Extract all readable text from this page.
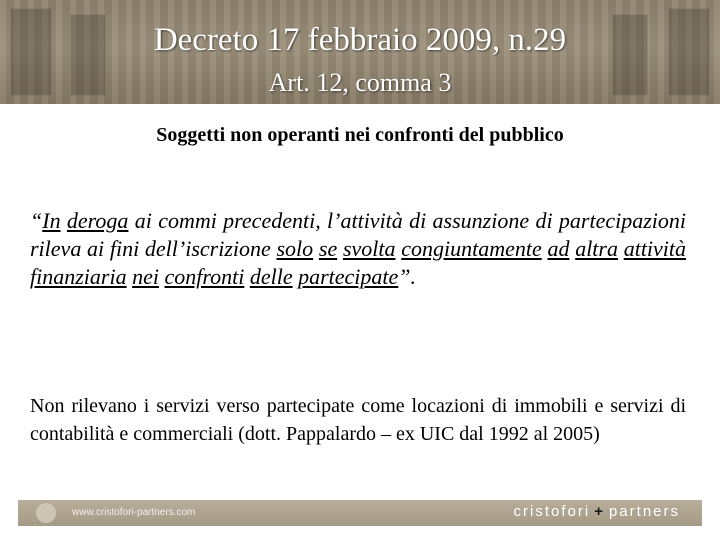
Decreto 17 febbraio 2009, n.29
Art. 12, comma 3
Soggetti non operanti nei confronti del pubblico
“In deroga ai commi precedenti, l’attività di assunzione di partecipazioni rileva ai fini dell’iscrizione solo se svolta congiuntamente ad altra attività finanziaria nei confronti delle partecipate”.
Non rilevano i servizi verso partecipate come locazioni di immobili e servizi di contabilità e commerciali (dott. Pappalardo – ex UIC dal 1992 al 2005)
www.cristofori-partners.com	cristofori + partners
